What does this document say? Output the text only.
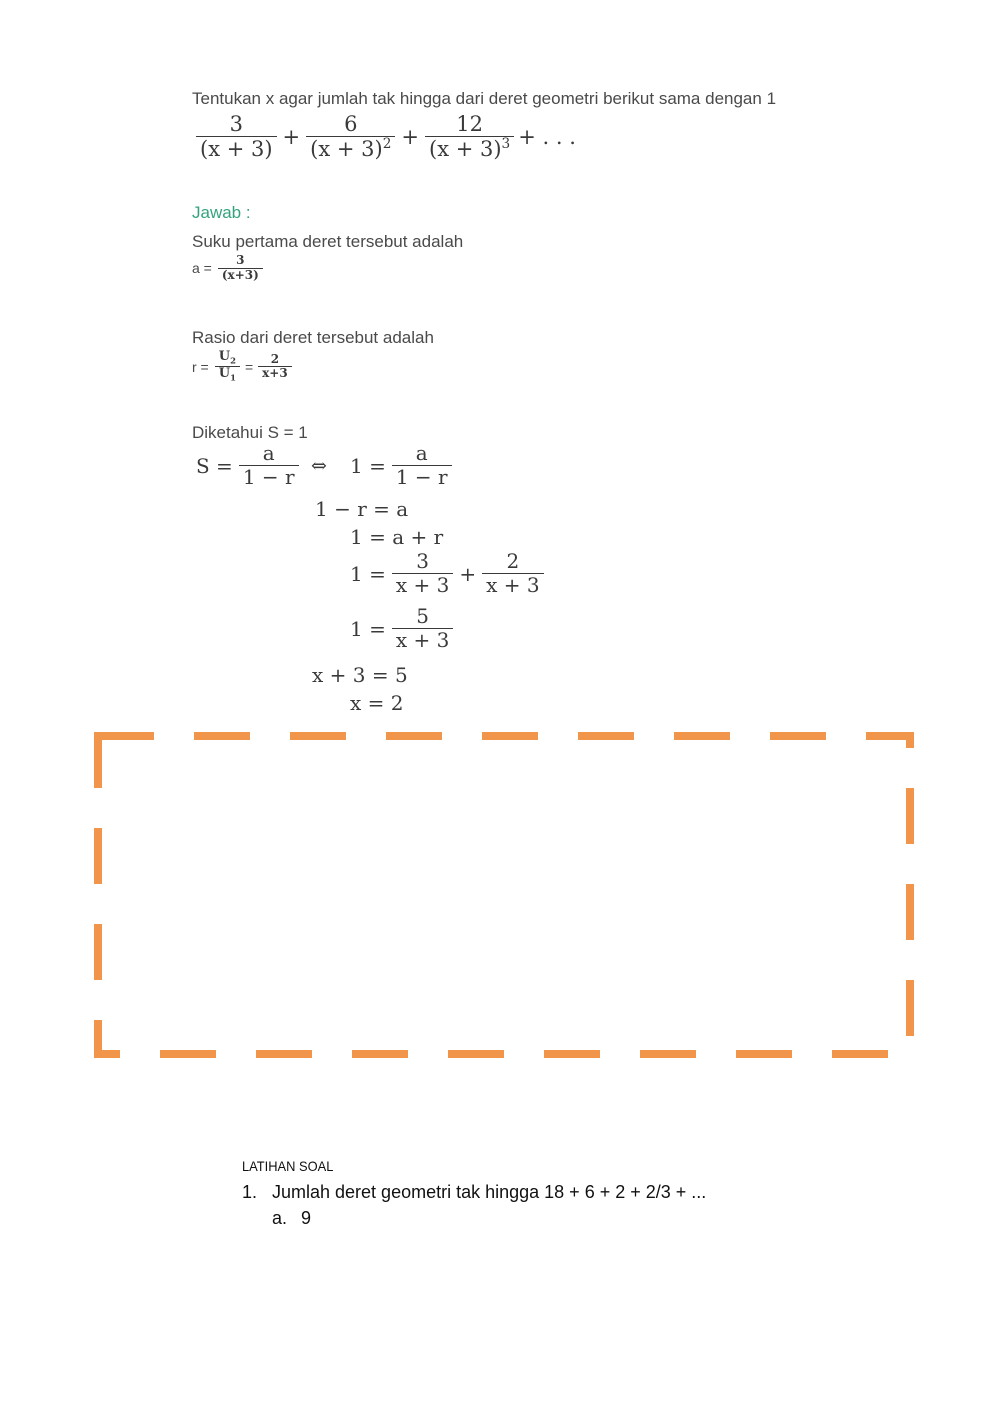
Tentukan x agar jumlah tak hingga dari deret geometri berikut sama dengan 1
$\frac{3}{(x + 3)} + \frac{6}{(x + 3)^2} + \frac{12}{(x + 3)^3}$ + . . .
Jawab :
Suku pertama deret tersebut adalah
$a = \frac{3}{(x+3)}$
Rasio dari deret tersebut adalah
$r = \frac{U_2}{U_1} = \frac{2}{x+3}$
Diketahui S = 1
$S = \frac{a}{1 - r}$ ⇔ $1 = \frac{a}{1 - r}$
1 − r = a
1 = a + r
$1 = \frac{3}{x + 3} + \frac{2}{x + 3}$
$1 = \frac{5}{x + 3}$
x + 3 = 5
x = 2
LATIHAN SOAL
1. Jumlah deret geometri tak hingga 18 + 6 + 2 + 2/3 + ...
a. 9
